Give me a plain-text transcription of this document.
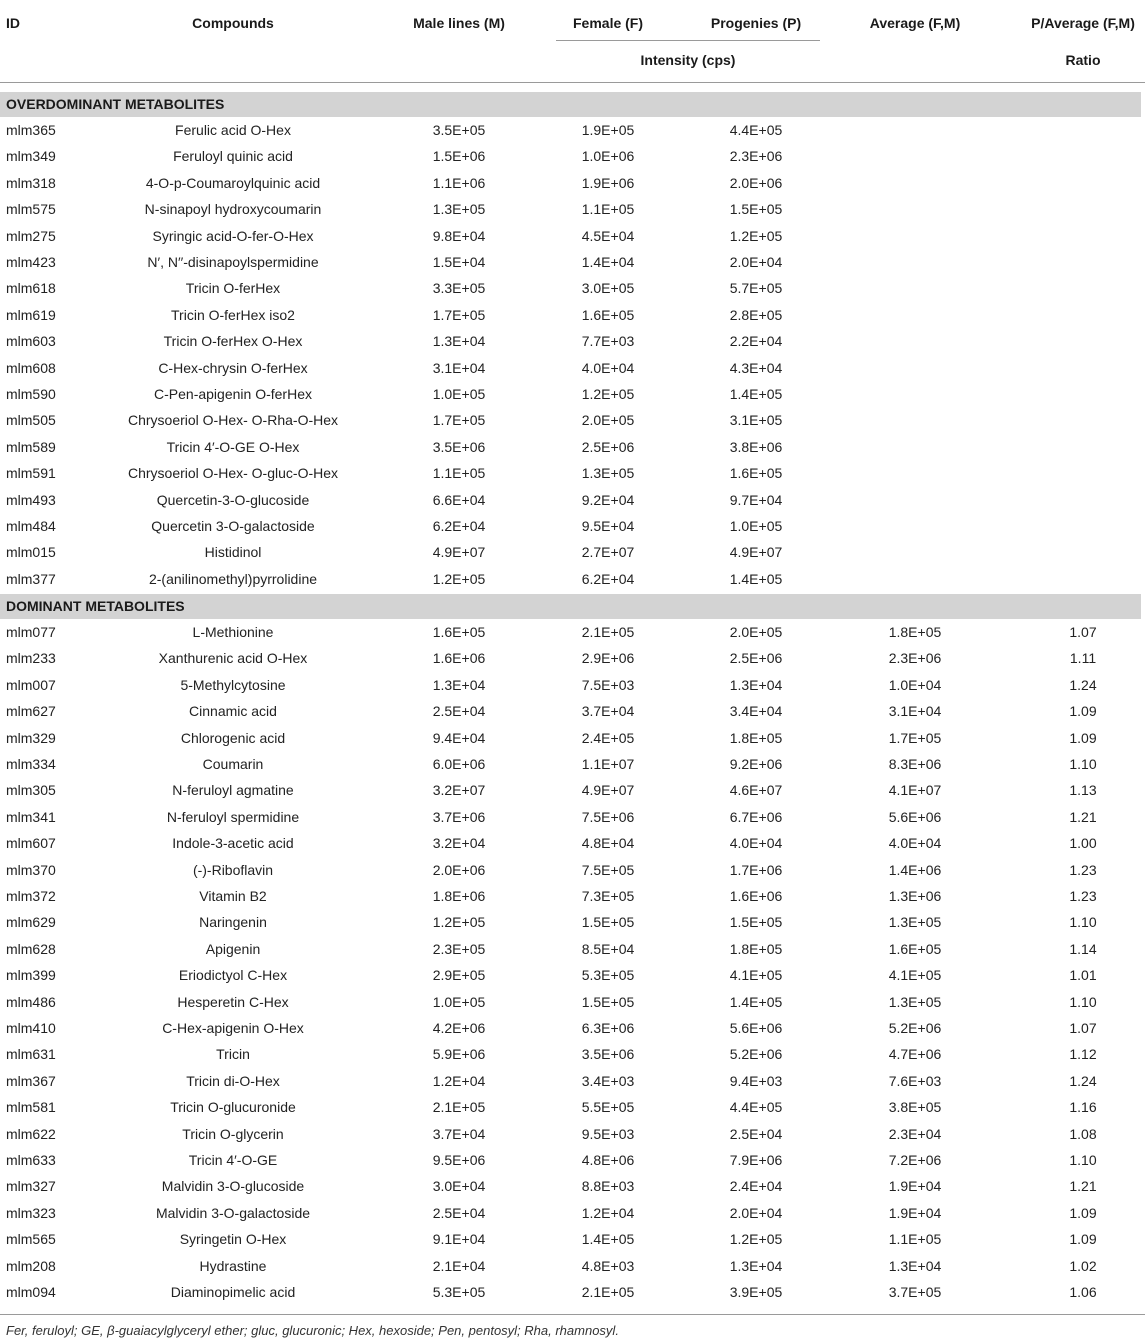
ID	Compounds	Male lines (M)	Female (F)	Progenies (P)	Average (F,M)	P/Average (F,M)
Intensity (cps)	Ratio
OVERDOMINANT METABOLITES
mlm365	Ferulic acid O-Hex	3.5E+05	1.9E+05	4.4E+05
mlm349	Feruloyl quinic acid	1.5E+06	1.0E+06	2.3E+06
mlm318	4-O-p-Coumaroylquinic acid	1.1E+06	1.9E+06	2.0E+06
mlm575	N-sinapoyl hydroxycoumarin	1.3E+05	1.1E+05	1.5E+05
mlm275	Syringic acid-O-fer-O-Hex	9.8E+04	4.5E+04	1.2E+05
mlm423	N′, N′′-disinapoylspermidine	1.5E+04	1.4E+04	2.0E+04
mlm618	Tricin O-ferHex	3.3E+05	3.0E+05	5.7E+05
mlm619	Tricin O-ferHex iso2	1.7E+05	1.6E+05	2.8E+05
mlm603	Tricin O-ferHex O-Hex	1.3E+04	7.7E+03	2.2E+04
mlm608	C-Hex-chrysin O-ferHex	3.1E+04	4.0E+04	4.3E+04
mlm590	C-Pen-apigenin O-ferHex	1.0E+05	1.2E+05	1.4E+05
mlm505	Chrysoeriol O-Hex- O-Rha-O-Hex	1.7E+05	2.0E+05	3.1E+05
mlm589	Tricin 4′-O-GE O-Hex	3.5E+06	2.5E+06	3.8E+06
mlm591	Chrysoeriol O-Hex- O-gluc-O-Hex	1.1E+05	1.3E+05	1.6E+05
mlm493	Quercetin-3-O-glucoside	6.6E+04	9.2E+04	9.7E+04
mlm484	Quercetin 3-O-galactoside	6.2E+04	9.5E+04	1.0E+05
mlm015	Histidinol	4.9E+07	2.7E+07	4.9E+07
mlm377	2-(anilinomethyl)pyrrolidine	1.2E+05	6.2E+04	1.4E+05
DOMINANT METABOLITES
mlm077	L-Methionine	1.6E+05	2.1E+05	2.0E+05	1.8E+05	1.07
mlm233	Xanthurenic acid O-Hex	1.6E+06	2.9E+06	2.5E+06	2.3E+06	1.11
mlm007	5-Methylcytosine	1.3E+04	7.5E+03	1.3E+04	1.0E+04	1.24
mlm627	Cinnamic acid	2.5E+04	3.7E+04	3.4E+04	3.1E+04	1.09
mlm329	Chlorogenic acid	9.4E+04	2.4E+05	1.8E+05	1.7E+05	1.09
mlm334	Coumarin	6.0E+06	1.1E+07	9.2E+06	8.3E+06	1.10
mlm305	N-feruloyl agmatine	3.2E+07	4.9E+07	4.6E+07	4.1E+07	1.13
mlm341	N-feruloyl spermidine	3.7E+06	7.5E+06	6.7E+06	5.6E+06	1.21
mlm607	Indole-3-acetic acid	3.2E+04	4.8E+04	4.0E+04	4.0E+04	1.00
mlm370	(-)-Riboflavin	2.0E+06	7.5E+05	1.7E+06	1.4E+06	1.23
mlm372	Vitamin B2	1.8E+06	7.3E+05	1.6E+06	1.3E+06	1.23
mlm629	Naringenin	1.2E+05	1.5E+05	1.5E+05	1.3E+05	1.10
mlm628	Apigenin	2.3E+05	8.5E+04	1.8E+05	1.6E+05	1.14
mlm399	Eriodictyol C-Hex	2.9E+05	5.3E+05	4.1E+05	4.1E+05	1.01
mlm486	Hesperetin C-Hex	1.0E+05	1.5E+05	1.4E+05	1.3E+05	1.10
mlm410	C-Hex-apigenin O-Hex	4.2E+06	6.3E+06	5.6E+06	5.2E+06	1.07
mlm631	Tricin	5.9E+06	3.5E+06	5.2E+06	4.7E+06	1.12
mlm367	Tricin di-O-Hex	1.2E+04	3.4E+03	9.4E+03	7.6E+03	1.24
mlm581	Tricin O-glucuronide	2.1E+05	5.5E+05	4.4E+05	3.8E+05	1.16
mlm622	Tricin O-glycerin	3.7E+04	9.5E+03	2.5E+04	2.3E+04	1.08
mlm633	Tricin 4′-O-GE	9.5E+06	4.8E+06	7.9E+06	7.2E+06	1.10
mlm327	Malvidin 3-O-glucoside	3.0E+04	8.8E+03	2.4E+04	1.9E+04	1.21
mlm323	Malvidin 3-O-galactoside	2.5E+04	1.2E+04	2.0E+04	1.9E+04	1.09
mlm565	Syringetin O-Hex	9.1E+04	1.4E+05	1.2E+05	1.1E+05	1.09
mlm208	Hydrastine	2.1E+04	4.8E+03	1.3E+04	1.3E+04	1.02
mlm094	Diaminopimelic acid	5.3E+05	2.1E+05	3.9E+05	3.7E+05	1.06
Fer, feruloyl; GE, β-guaiacylglyceryl ether; gluc, glucuronic; Hex, hexoside; Pen, pentosyl; Rha, rhamnosyl.
